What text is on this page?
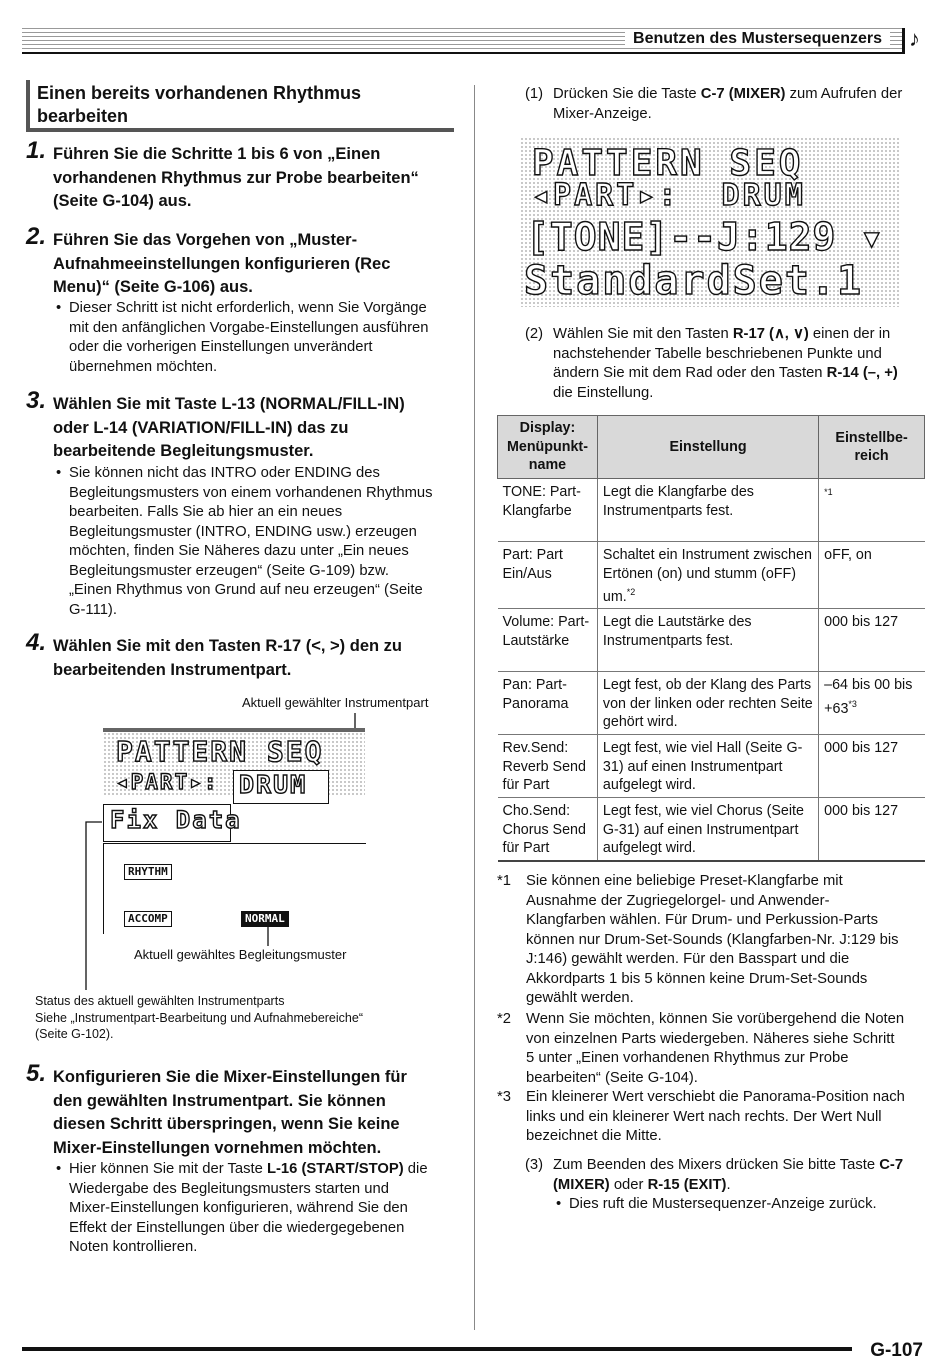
Benutzen des Mustersequenzers	♪
Einen bereits vorhandenen Rhythmus bearbeiten
1. Führen Sie die Schritte 1 bis 6 von „Einen
vorhandenen Rhythmus zur Probe bearbeiten“
(Seite G-104) aus.
2. Führen Sie das Vorgehen von „Muster-
Aufnahmeeinstellungen konfigurieren (Rec
Menu)“ (Seite G-106) aus.
• Dieser Schritt ist nicht erforderlich, wenn Sie Vorgänge
mit den anfänglichen Vorgabe-Einstellungen ausführen
oder die vorherigen Einstellungen unverändert
übernehmen möchten.
3. Wählen Sie mit Taste L-13 (NORMAL/FILL-IN)
oder L-14 (VARIATION/FILL-IN) das zu
bearbeitende Begleitungsmuster.
• Sie können nicht das INTRO oder ENDING des
Begleitungsmusters von einem vorhandenen Rhythmus
bearbeiten. Falls Sie ab hier an ein neues
Begleitungsmuster (INTRO, ENDING usw.) erzeugen
möchten, finden Sie Näheres dazu unter „Ein neues
Begleitungsmuster erzeugen“ (Seite G-109) bzw.
„Einen Rhythmus von Grund auf neu erzeugen“ (Seite
G-111).
4. Wählen Sie mit den Tasten R-17 (<, >) den zu
bearbeitenden Instrumentpart.
Aktuell gewählter Instrumentpart
PATTERN SEQ
◂PART▸: DRUM
Fix Data
RHYTHM
ACCOMP	NORMAL
Aktuell gewähltes Begleitungsmuster
Status des aktuell gewählten Instrumentparts
Siehe „Instrumentpart-Bearbeitung und Aufnahmebereiche“
(Seite G-102).
5. Konfigurieren Sie die Mixer-Einstellungen für
den gewählten Instrumentpart. Sie können
diesen Schritt überspringen, wenn Sie keine
Mixer-Einstellungen vornehmen möchten.
• Hier können Sie mit der Taste L-16 (START/STOP) die
Wiedergabe des Begleitungsmusters starten und
Mixer-Einstellungen konfigurieren, während Sie den
Effekt der Einstellungen über die wiedergegebenen
Noten kontrollieren.
(1) Drücken Sie die Taste C-7 (MIXER) zum Aufrufen der
Mixer-Anzeige.
PATTERN SEQ
◂PART▸:  DRUM
[TONE]--J:129 ▾
StandardSet.1
(2) Wählen Sie mit den Tasten R-17 (∧, ∨) einen der in
nachstehender Tabelle beschriebenen Punkte und
ändern Sie mit dem Rad oder den Tasten R-14 (–, +)
die Einstellung.
Display: Menüpunkt-name	Einstellung	Einstellbe-reich
TONE: Part-Klangfarbe	Legt die Klangfarbe des Instrumentparts fest.	$^{*1}$
Part: Part Ein/Aus	Schaltet ein Instrument zwischen Ertönen (on) und stumm (oFF) um.$^{*2}$	oFF, on
Volume: Part-Lautstärke	Legt die Lautstärke des Instrumentparts fest.	000 bis 127
Pan: Part-Panorama	Legt fest, ob der Klang des Parts von der linken oder rechten Seite gehört wird.	–64 bis 00 bis $+63^{*3}$
Rev.Send: Reverb Send für Part	Legt fest, wie viel Hall (Seite G-31) auf einen Instrumentpart aufgelegt wird.	000 bis 127
Cho.Send: Chorus Send für Part	Legt fest, wie viel Chorus (Seite G-31) auf einen Instrumentpart aufgelegt wird.	000 bis 127
*1 Sie können eine beliebige Preset-Klangfarbe mit
Ausnahme der Zugriegelorgel- und Anwender-
Klangfarben wählen. Für Drum- und Perkussion-Parts
können nur Drum-Set-Sounds (Klangfarben-Nr. J:129 bis
J:146) gewählt werden. Für den Basspart und die
Akkordparts 1 bis 5 können keine Drum-Set-Sounds
gewählt werden.
*2 Wenn Sie möchten, können Sie vorübergehend die Noten
von einzelnen Parts wiedergeben. Näheres siehe Schritt
5 unter „Einen vorhandenen Rhythmus zur Probe
bearbeiten“ (Seite G-104).
*3 Ein kleinerer Wert verschiebt die Panorama-Position nach
links und ein kleinerer Wert nach rechts. Der Wert Null
bezeichnet die Mitte.
(3) Zum Beenden des Mixers drücken Sie bitte Taste C-7
(MIXER) oder R-15 (EXIT).
• Dies ruft die Mustersequenzer-Anzeige zurück.
G-107
